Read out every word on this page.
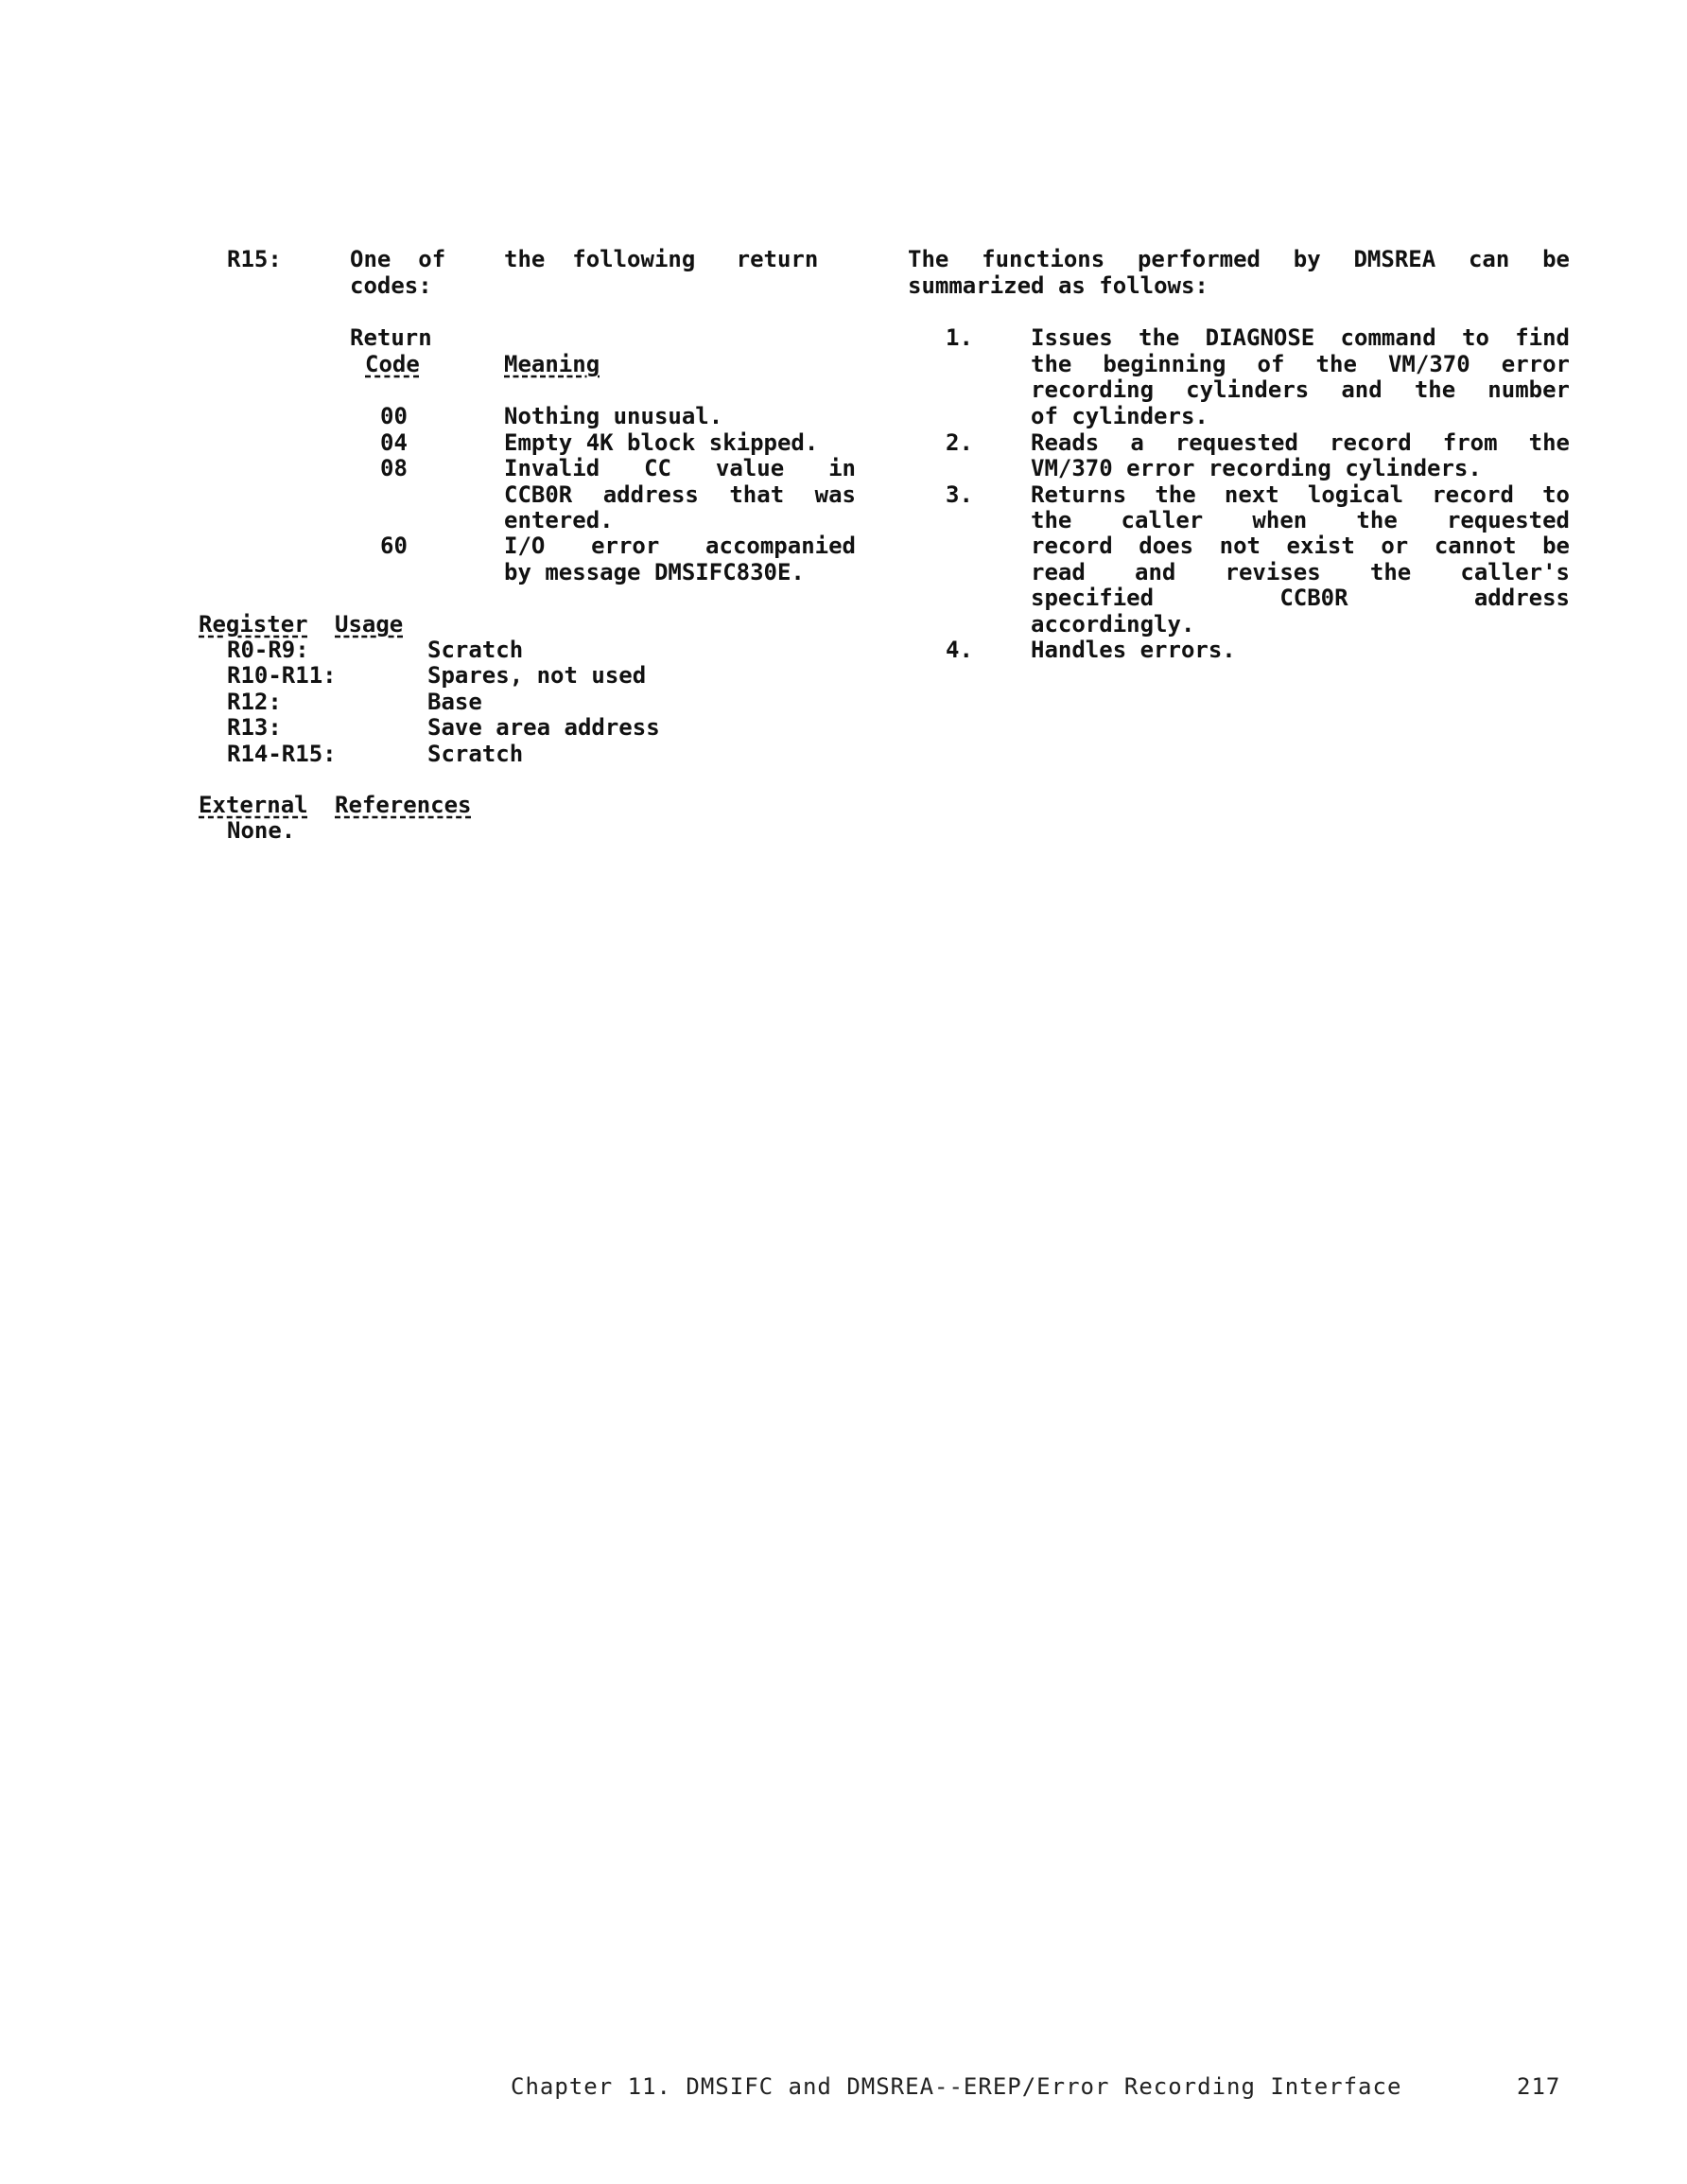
R15:	One  of	the  following   return
codes:
Return
Code	Meaning
00	Nothing unusual.
04	Empty 4K block skipped.
08	Invalid CC value in
CCB0R address that was
entered.
60	I/O error accompanied
by message DMSIFC830E.
Register Usage
R0-R9:	Scratch
R10-R11:	Spares, not used
R12:	Base
R13:	Save area address
R14-R15:	Scratch
External References
None.
The functions performed by DMSREA can be
summarized as follows:
1.	Issues the DIAGNOSE command to find
the beginning of the VM/370 error
recording cylinders and the number
of cylinders.
2.	Reads a requested record from the
VM/370 error recording cylinders.
3.	Returns the next logical record to
the caller when the requested
record does not exist or cannot be
read and revises the caller's
specified CCB0R address
accordingly.
4.	Handles errors.
Chapter 11. DMSIFC and DMSREA--EREP/Error Recording Interface	217
